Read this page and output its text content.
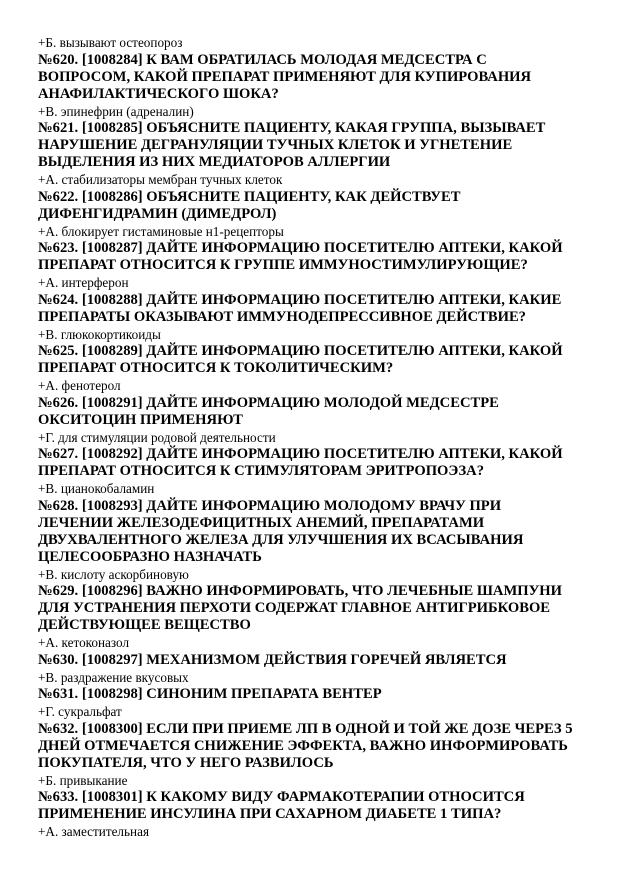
+Б. вызывают остеопороз
№620. [1008284] К ВАМ ОБРАТИЛАСЬ МОЛОДАЯ МЕДСЕСТРА С
ВОПРОСОМ, КАКОЙ ПРЕПАРАТ ПРИМЕНЯЮТ ДЛЯ КУПИРОВАНИЯ
АНАФИЛАКТИЧЕСКОГО ШОКА?
+В. эпинефрин (адреналин)
№621. [1008285] ОБЪЯСНИТЕ ПАЦИЕНТУ, КАКАЯ ГРУППА, ВЫЗЫВАЕТ
НАРУШЕНИЕ ДЕГРАНУЛЯЦИИ ТУЧНЫХ КЛЕТОК И УГНЕТЕНИЕ
ВЫДЕЛЕНИЯ ИЗ НИХ МЕДИАТОРОВ АЛЛЕРГИИ
+А. стабилизаторы мембран тучных клеток
№622. [1008286] ОБЪЯСНИТЕ ПАЦИЕНТУ, КАК ДЕЙСТВУЕТ
ДИФЕНГИДРАМИН (ДИМЕДРОЛ)
+А. блокирует гистаминовые н1-рецепторы
№623. [1008287] ДАЙТЕ ИНФОРМАЦИЮ ПОСЕТИТЕЛЮ АПТЕКИ, КАКОЙ
ПРЕПАРАТ ОТНОСИТСЯ К ГРУППЕ ИММУНОСТИМУЛИРУЮЩИЕ?
+А. интерферон
№624. [1008288] ДАЙТЕ ИНФОРМАЦИЮ ПОСЕТИТЕЛЮ АПТЕКИ, КАКИЕ
ПРЕПАРАТЫ ОКАЗЫВАЮТ ИММУНОДЕПРЕССИВНОЕ ДЕЙСТВИЕ?
+В. глюкокортикоиды
№625. [1008289] ДАЙТЕ ИНФОРМАЦИЮ ПОСЕТИТЕЛЮ АПТЕКИ, КАКОЙ
ПРЕПАРАТ ОТНОСИТСЯ К ТОКОЛИТИЧЕСКИМ?
+А. фенотерол
№626. [1008291] ДАЙТЕ ИНФОРМАЦИЮ МОЛОДОЙ МЕДСЕСТРЕ
ОКСИТОЦИН ПРИМЕНЯЮТ
+Г. для стимуляции родовой деятельности
№627. [1008292] ДАЙТЕ ИНФОРМАЦИЮ ПОСЕТИТЕЛЮ АПТЕКИ, КАКОЙ
ПРЕПАРАТ ОТНОСИТСЯ К СТИМУЛЯТОРАМ ЭРИТРОПОЭЗА?
+В. цианокобаламин
№628. [1008293] ДАЙТЕ ИНФОРМАЦИЮ МОЛОДОМУ ВРАЧУ ПРИ
ЛЕЧЕНИИ ЖЕЛЕЗОДЕФИЦИТНЫХ АНЕМИЙ, ПРЕПАРАТАМИ
ДВУХВАЛЕНТНОГО ЖЕЛЕЗА ДЛЯ УЛУЧШЕНИЯ ИХ ВСАСЫВАНИЯ
ЦЕЛЕСООБРАЗНО НАЗНАЧАТЬ
+В. кислоту аскорбиновую
№629. [1008296] ВАЖНО ИНФОРМИРОВАТЬ, ЧТО ЛЕЧЕБНЫЕ ШАМПУНИ
ДЛЯ УСТРАНЕНИЯ ПЕРХОТИ СОДЕРЖАТ ГЛАВНОЕ АНТИГРИБКОВОЕ
ДЕЙСТВУЮЩЕЕ ВЕЩЕСТВО
+А. кетоконазол
№630. [1008297] МЕХАНИЗМОМ ДЕЙСТВИЯ ГОРЕЧЕЙ ЯВЛЯЕТСЯ
+В. раздражение вкусовых
№631. [1008298] СИНОНИМ ПРЕПАРАТА ВЕНТЕР
+Г. сукральфат
№632. [1008300] ЕСЛИ ПРИ ПРИЕМЕ ЛП В ОДНОЙ И ТОЙ ЖЕ ДОЗЕ ЧЕРЕЗ 5
ДНЕЙ ОТМЕЧАЕТСЯ СНИЖЕНИЕ ЭФФЕКТА, ВАЖНО ИНФОРМИРОВАТЬ
ПОКУПАТЕЛЯ, ЧТО У НЕГО РАЗВИЛОСЬ
+Б. привыкание
№633. [1008301] К КАКОМУ ВИДУ ФАРМАКОТЕРАПИИ ОТНОСИТСЯ
ПРИМЕНЕНИЕ ИНСУЛИНА ПРИ САХАРНОМ ДИАБЕТЕ 1 ТИПА?
+А. заместительная
